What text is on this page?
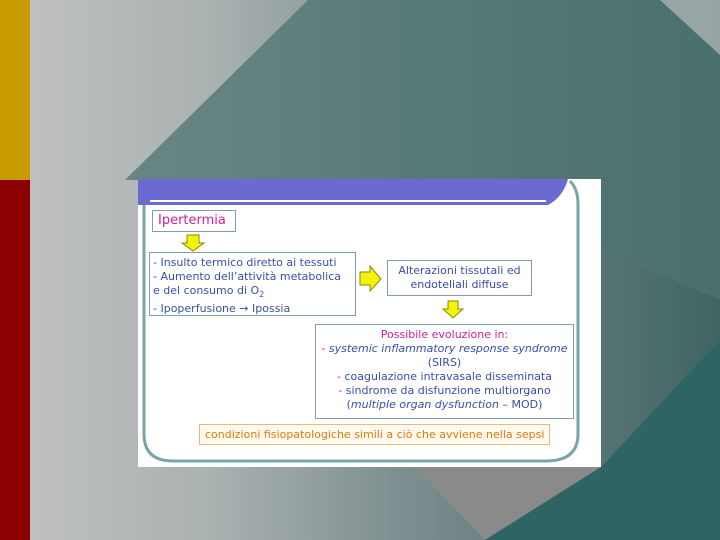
Ipertermia
- Insulto termico diretto ai tessuti
- Aumento dell’attività metabolica
e del consumo di $O_2$
- Ipoperfusione → Ipossia
Alterazioni tissutali ed
endoteliali diffuse
Possibile evoluzione in:
- systemic inflammatory response syndrome
(SIRS)
- coagulazione intravasale disseminata
- sindrome da disfunzione multiorgano
(multiple organ dysfunction – MOD)
condizioni fisiopatologiche simili a ciò che avviene nella sepsi
